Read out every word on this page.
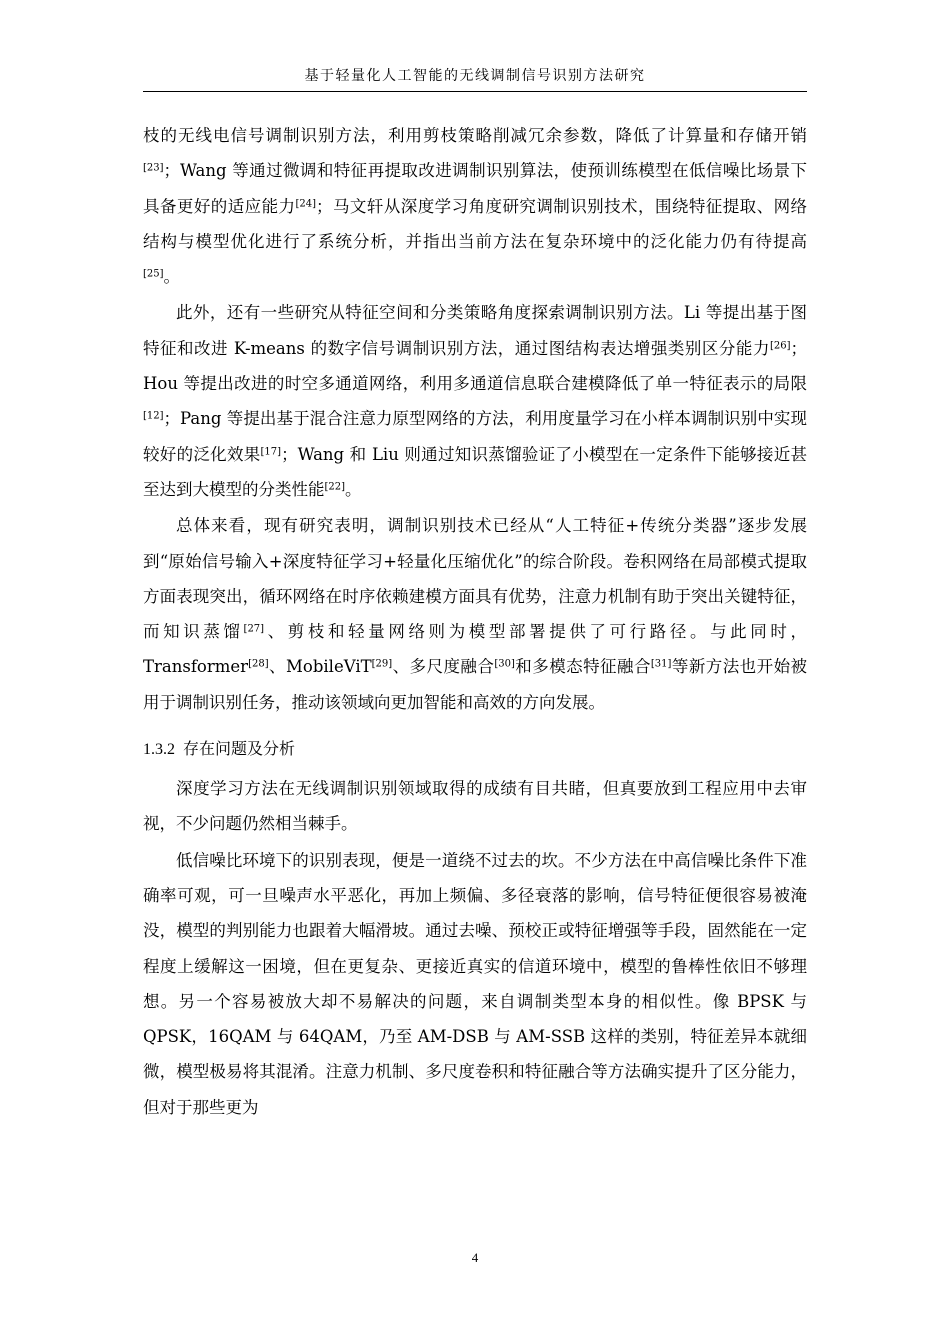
基于轻量化人工智能的无线调制信号识别方法研究

枝的无线电信号调制识别方法，利用剪枝策略削减冗余参数，降低了计算量和存储开销[23]；Wang 等通过微调和特征再提取改进调制识别算法，使预训练模型在低信噪比场景下具备更好的适应能力[24]；马文轩从深度学习角度研究调制识别技术，围绕特征提取、网络结构与模型优化进行了系统分析，并指出当前方法在复杂环境中的泛化能力仍有待提高[25]。

此外，还有一些研究从特征空间和分类策略角度探索调制识别方法。Li 等提出基于图特征和改进 K-means 的数字信号调制识别方法，通过图结构表达增强类别区分能力[26]；Hou 等提出改进的时空多通道网络，利用多通道信息联合建模降低了单一特征表示的局限[12]；Pang 等提出基于混合注意力原型网络的方法，利用度量学习在小样本调制识别中实现较好的泛化效果[17]；Wang 和 Liu 则通过知识蒸馏验证了小模型在一定条件下能够接近甚至达到大模型的分类性能[22]。

总体来看，现有研究表明，调制识别技术已经从“人工特征+传统分类器”逐步发展到“原始信号输入+深度特征学习+轻量化压缩优化”的综合阶段。卷积网络在局部模式提取方面表现突出，循环网络在时序依赖建模方面具有优势，注意力机制有助于突出关键特征，而知识蒸馏[27]、剪枝和轻量网络则为模型部署提供了可行路径。与此同时，Transformer[28]、MobileViT[29]、多尺度融合[30]和多模态特征融合[31]等新方法也开始被用于调制识别任务，推动该领域向更加智能和高效的方向发展。

1.3.2 存在问题及分析

深度学习方法在无线调制识别领域取得的成绩有目共睹，但真要放到工程应用中去审视，不少问题仍然相当棘手。

低信噪比环境下的识别表现，便是一道绕不过去的坎。不少方法在中高信噪比条件下准确率可观，可一旦噪声水平恶化，再加上频偏、多径衰落的影响，信号特征便很容易被淹没，模型的判别能力也跟着大幅滑坡。通过去噪、预校正或特征增强等手段，固然能在一定程度上缓解这一困境，但在更复杂、更接近真实的信道环境中，模型的鲁棒性依旧不够理想。另一个容易被放大却不易解决的问题，来自调制类型本身的相似性。像 BPSK 与 QPSK，16QAM 与 64QAM，乃至 AM-DSB 与 AM-SSB 这样的类别，特征差异本就细微，模型极易将其混淆。注意力机制、多尺度卷积和特征融合等方法确实提升了区分能力，但对于那些更为

4
